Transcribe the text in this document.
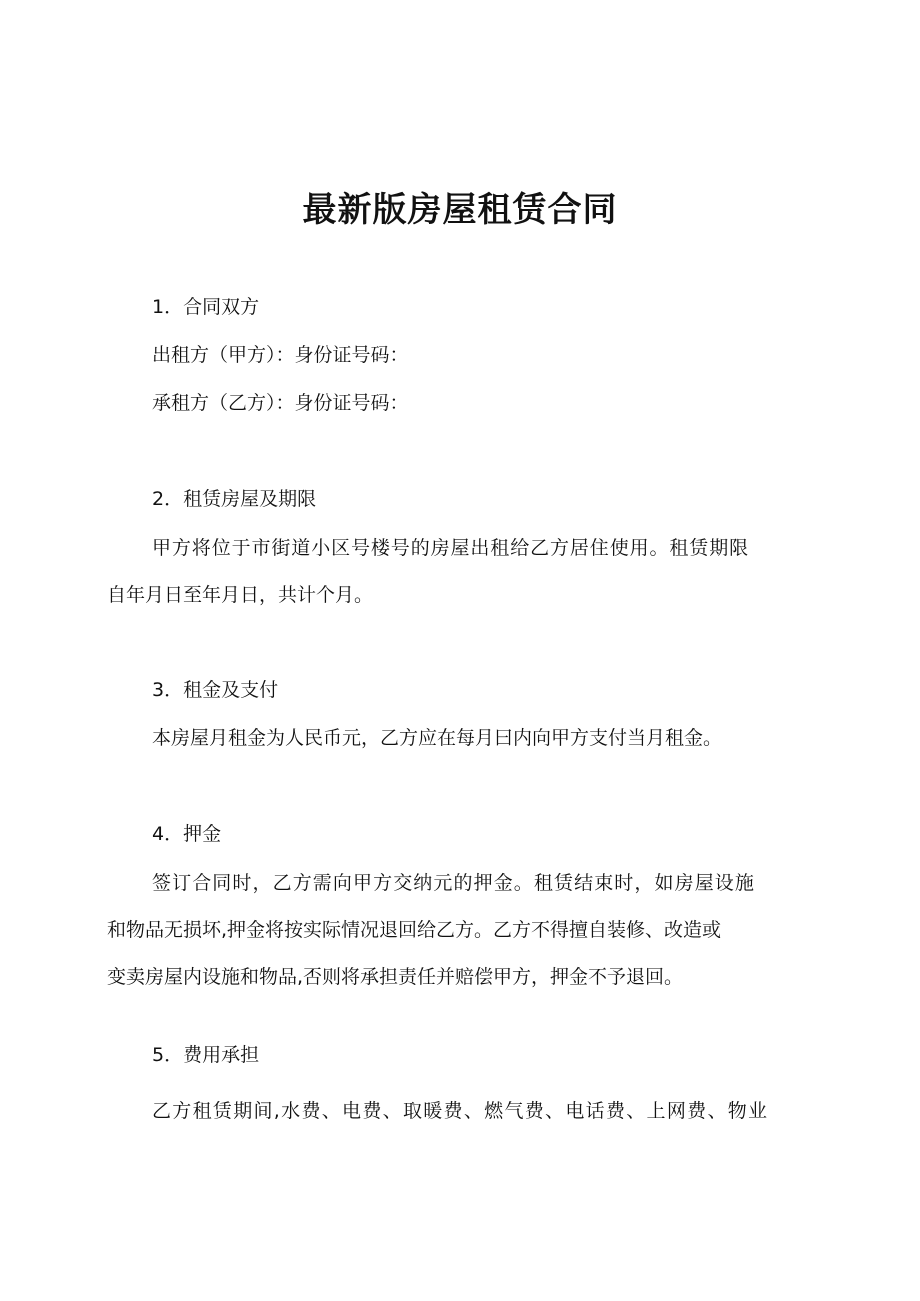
最新版房屋租赁合同
1．合同双方
出租方（甲方）：身份证号码：
承租方（乙方）：身份证号码：
2．租赁房屋及期限
甲方将位于市街道小区号楼号的房屋出租给乙方居住使用。租赁期限
自年月日至年月日，共计个月。
3．租金及支付
本房屋月租金为人民币元，乙方应在每月曰内向甲方支付当月租金。
4．押金
签订合同时，乙方需向甲方交纳元的押金。租赁结束时，如房屋设施
和物品无损坏,押金将按实际情况退回给乙方。乙方不得擅自装修、改造或
变卖房屋内设施和物品,否则将承担责任并赔偿甲方，押金不予退回。
5．费用承担
乙方租赁期间,水费、电费、取暖费、燃气费、电话费、上网费、物业
